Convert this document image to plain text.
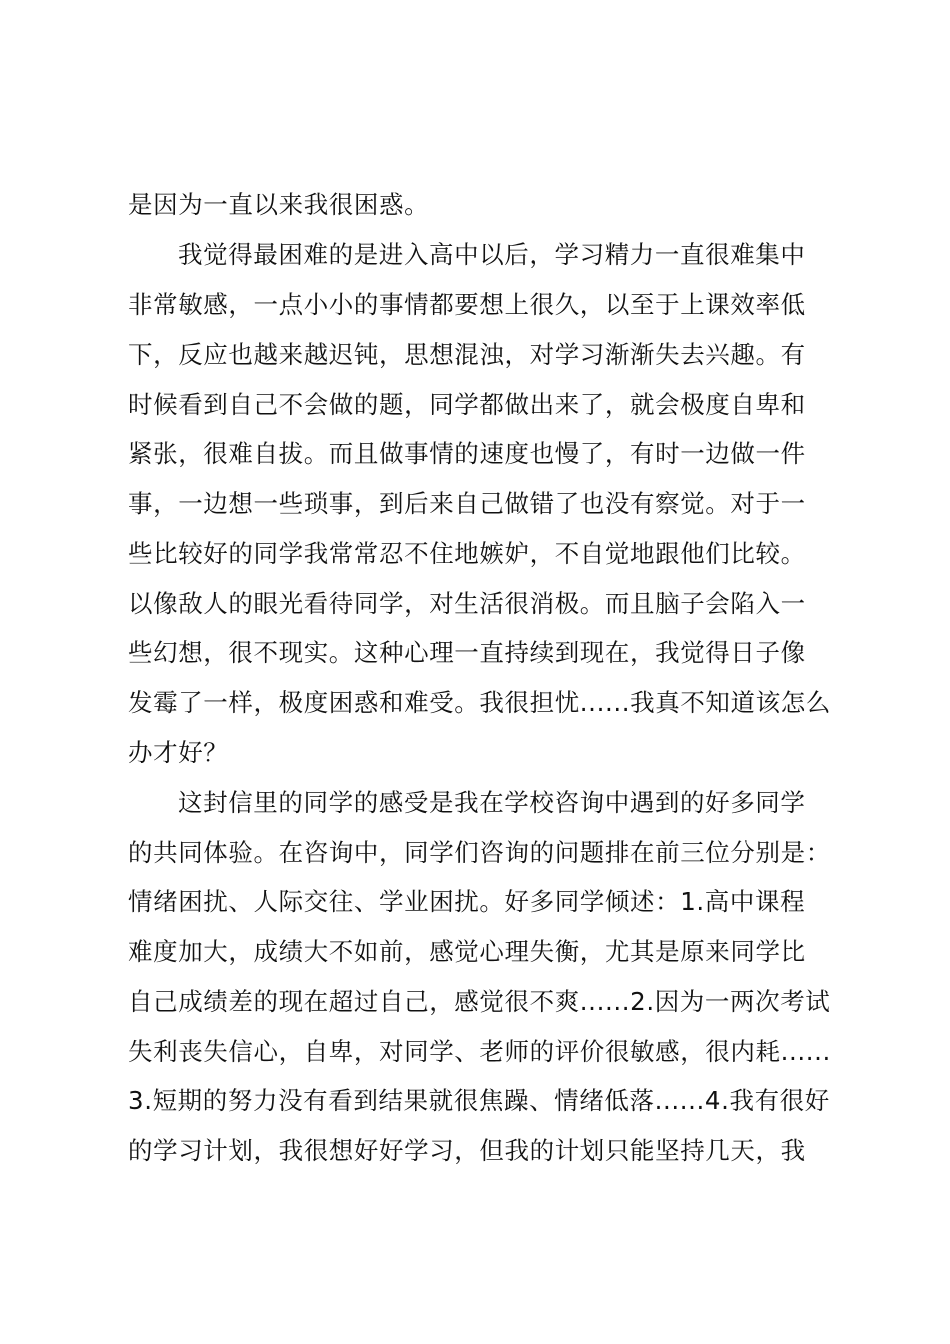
是因为一直以来我很困惑。
我觉得最困难的是进入高中以后，学习精力一直很难集中
非常敏感，一点小小的事情都要想上很久，以至于上课效率低
下，反应也越来越迟钝，思想混浊，对学习渐渐失去兴趣。有
时候看到自己不会做的题，同学都做出来了，就会极度自卑和
紧张，很难自拔。而且做事情的速度也慢了，有时一边做一件
事，一边想一些琐事，到后来自己做错了也没有察觉。对于一
些比较好的同学我常常忍不住地嫉妒，不自觉地跟他们比较。
以像敌人的眼光看待同学，对生活很消极。而且脑子会陷入一
些幻想，很不现实。这种心理一直持续到现在，我觉得日子像
发霉了一样，极度困惑和难受。我很担忧......我真不知道该怎么
办才好？
这封信里的同学的感受是我在学校咨询中遇到的好多同学
的共同体验。在咨询中，同学们咨询的问题排在前三位分别是：
情绪困扰、人际交往、学业困扰。好多同学倾述：1.高中课程
难度加大，成绩大不如前，感觉心理失衡，尤其是原来同学比
自己成绩差的现在超过自己，感觉很不爽......2.因为一两次考试
失利丧失信心，自卑，对同学、老师的评价很敏感，很内耗......
3.短期的努力没有看到结果就很焦躁、情绪低落......4.我有很好
的学习计划，我很想好好学习，但我的计划只能坚持几天，我
